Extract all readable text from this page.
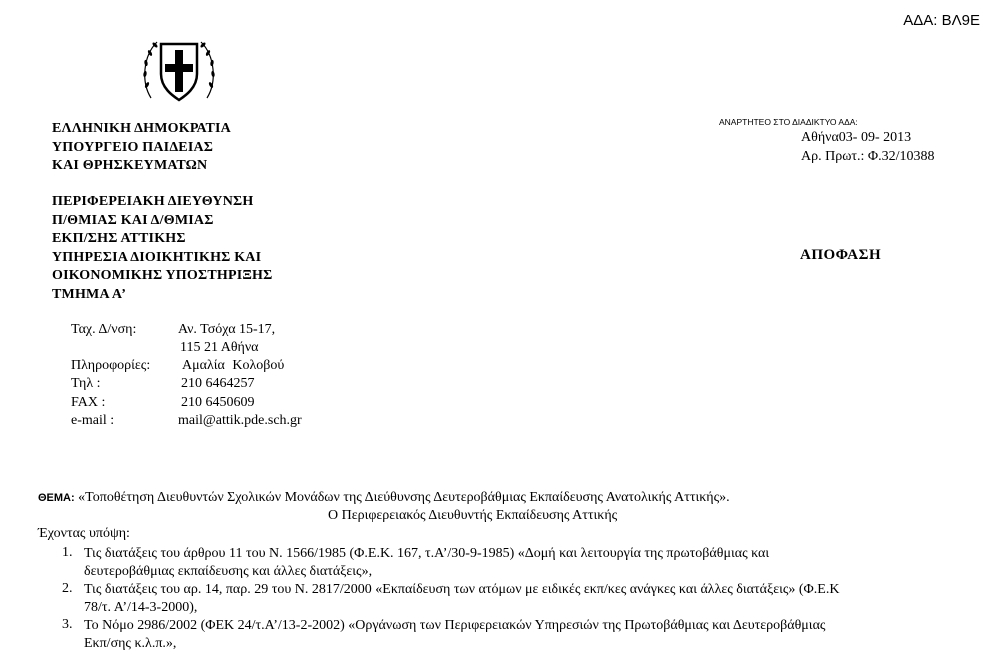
ΑΔΑ: ΒΛ9Ε
ΕΛΛΗΝΙΚΗ ΔΗΜΟΚΡΑΤΙΑ
ΥΠΟΥΡΓΕΙΟ ΠΑΙΔΕΙΑΣ
ΚΑΙ ΘΡΗΣΚΕΥΜΑΤΩΝ
ΠΕΡΙΦΕΡΕΙΑΚΗ ΔΙΕΥΘΥΝΣΗ
Π/ΘΜΙΑΣ ΚΑΙ Δ/ΘΜΙΑΣ
ΕΚΠ/ΣΗΣ ΑΤΤΙΚΗΣ
ΥΠΗΡΕΣΙΑ ΔΙΟΙΚΗΤΙΚΗΣ ΚΑΙ
ΟΙΚΟΝΟΜΙΚΗΣ ΥΠΟΣΤΗΡΙΞΗΣ
ΤΜΗΜΑ Α’
ΑΝΑΡΤΗΤΕΟ ΣΤΟ ΔΙΑΔΙΚΤΥΟ ΑΔΑ:
Αθήνα03- 09- 2013
Αρ. Πρωτ.: Φ.32/10388
ΑΠΟΦΑΣΗ
Ταχ. Δ/νση:	Αν. Τσόχα 15-17,
115 21 Αθήνα
Πληροφορίες: Αμαλία Κολοβού
Τηλ :	210 6464257
FAX :	210 6450609
e-mail :	mail@attik.pde.sch.gr
ΘΕΜΑ: «Τοποθέτηση Διευθυντών Σχολικών Μονάδων της Διεύθυνσης Δευτεροβάθμιας Εκπαίδευσης Ανατολικής Αττικής».
Ο Περιφερειακός Διευθυντής Εκπαίδευσης Αττικής
Έχοντας υπόψη:
1. Τις διατάξεις του άρθρου 11 του Ν. 1566/1985 (Φ.Ε.Κ. 167, τ.Α’/30-9-1985) «Δομή και λειτουργία της πρωτοβάθμιας και
δευτεροβάθμιας εκπαίδευσης και άλλες διατάξεις»,
2. Τις διατάξεις του αρ. 14, παρ. 29 του Ν. 2817/2000 «Εκπαίδευση των ατόμων με ειδικές εκπ/κες ανάγκες και άλλες διατάξεις» (Φ.Ε.Κ
78/τ. Α’/14-3-2000),
3. Το Νόμο 2986/2002 (ΦΕΚ 24/τ.Α’/13-2-2002) «Οργάνωση των Περιφερειακών Υπηρεσιών της Πρωτοβάθμιας και Δευτεροβάθμιας
Εκπ/σης κ.λ.π.»,
